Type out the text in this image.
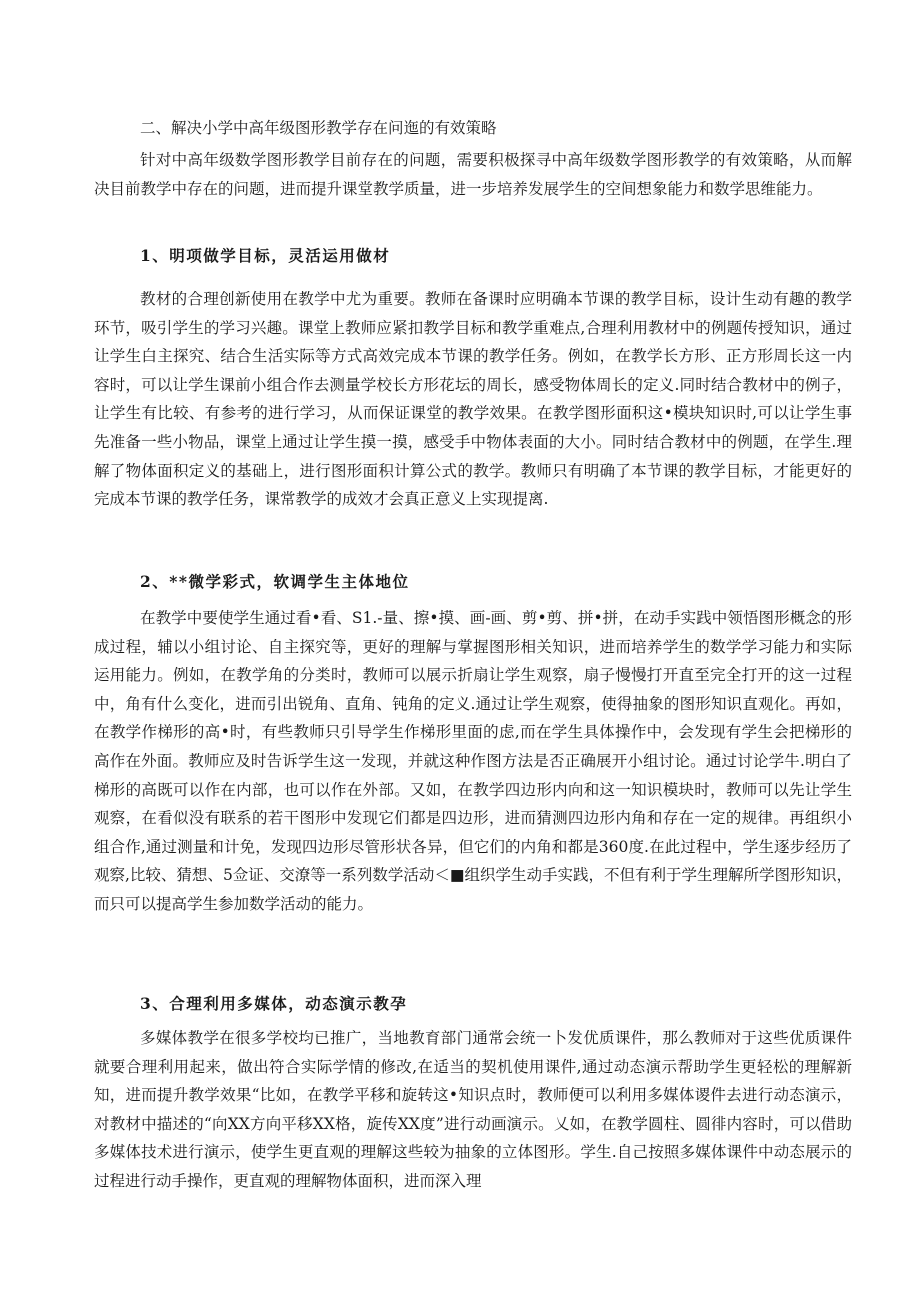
二、解决小学中高年级图形教学存在问迤的有效策略

针对中高年级数学图形教学目前存在的问题，需要积极探寻中高年级数学图形教学的有效策略，从而解决目前教学中存在的问题，进而提升课堂教学质量，进一步培养发展学生的空间想象能力和数学思维能力。

1、明项做学目标，灵活运用做材

教材的合理创新使用在教学中尤为重要。教师在备课时应明确本节课的教学目标，设计生动有趣的教学环节，吸引学生的学习兴趣。课堂上教师应紧扣教学目标和教学重难点,合理利用教材中的例题传授知识，通过让学生白主探究、结合生活实际等方式高效完成本节课的教学任务。例如，在教学长方形、正方形周长这一内容时，可以让学生课前小组合作去测量学校长方形花坛的周长，感受物体周长的定义.同时结合教材中的例子，让学生有比较、有参考的进行学习，从而保证课堂的教学效果。在教学图形面积这•模块知识时,可以让学生事先准备一些小物品，课堂上通过让学生摸一摸，感受手中物体表面的大小。同时结合教材中的例题，在学生.理解了物体面积定义的基础上，进行图形面积计算公式的教学。教师只有明确了本节课的教学目标，才能更好的完成本节课的教学任务，课常教学的成效才会真正意义上实现提离.

2、**微学彩式，软调学生主体地位

在教学中要使学生通过看•看、S1.-量、擦•摸、画-画、剪•剪、拼•拼，在动手实践中领悟图形概念的形成过程，辅以小组讨论、自主探究等，更好的理解与掌握图形相关知识，进而培养学生的数学学习能力和实际运用能力。例如，在教学角的分类时，教师可以展示折扇让学生观察，扇子慢慢打开直至完全打开的这一过程中，角有什么变化，进而引出锐角、直角、钝角的定义.通过让学生观察，使得抽象的图形知识直观化。再如，在教学作梯形的高•时，有些教师只引导学生作梯形里面的虑,而在学生具体操作中，会发现有学生会把梯形的高作在外面。教师应及时告诉学生这一发现，并就这种作图方法是否正确展开小组讨论。通过讨论学牛.明白了梯形的高既可以作在内部，也可以作在外部。又如，在教学四边形内向和这一知识模块时，教师可以先让学生观察，在看似没有联系的若干图形中发现它们都是四边形，进而猜测四边形内角和存在一定的规律。再组织小组合作,通过测量和计免，发现四边形尽管形状各异，但它们的内角和都是360度.在此过程中，学生逐步经历了观察,比较、猜想、5佥证、交潦等一系列数学活动＜■组织学生动手实践，不但有利于学生理解所学图形知识，而只可以提高学生参加数学活动的能力。

3、合理利用多媒体，动态演示教孕

多媒体教学在很多学校均已推广，当地教育部门通常会统一卜发优质课件，那么教师对于这些优质课件就要合理利用起来，做出符合实际学情的修改,在适当的契机使用课件,通过动态演示帮助学生更轻松的理解新知，进而提升教学效果“比如，在教学平移和旋转这•知识点时，教师便可以利用多媒体谡件去进行动态演示，对教材中描述的“向XX方向平移XX格，旋传XX度”进行动画演示。乂如，在教学圆柱、圆徘内容时，可以借助多媒体技术进行演示，使学生更直观的理解这些较为抽象的立体图形。学生.自己按照多媒体课件中动态展示的过程进行动手操作，更直观的理解物体面积，进而深入理
